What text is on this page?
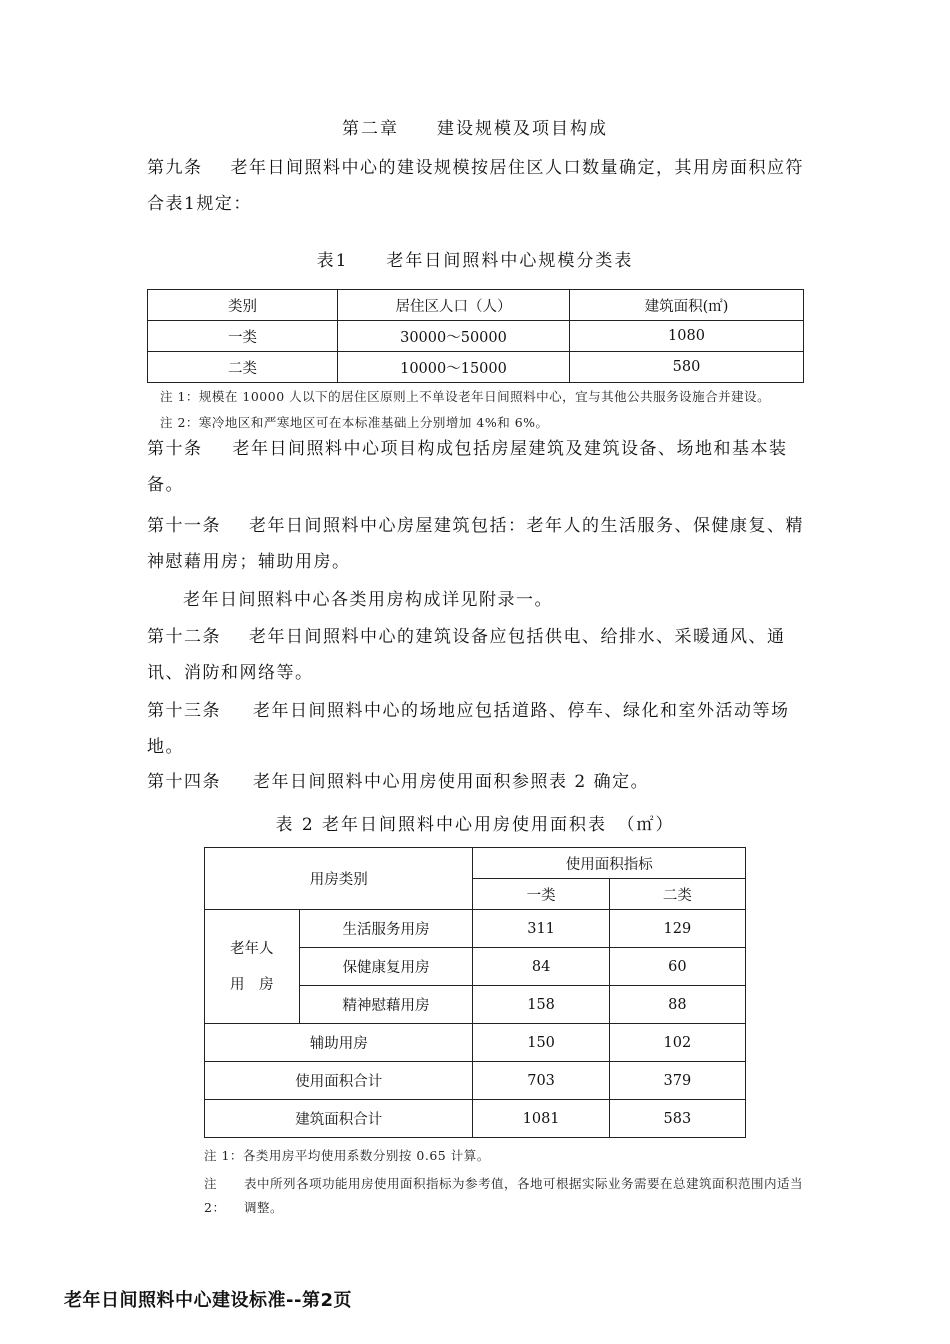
第二章　　建设规模及项目构成
第九条 老年日间照料中心的建设规模按居住区人口数量确定，其用房面积应符合表1规定：
表1　　老年日间照料中心规模分类表
类别	居住区人口（人）	建筑面积(㎡)
一类	30000～50000	1080
二类	10000～15000	580
注 1：规模在 10000 人以下的居住区原则上不单设老年日间照料中心，宜与其他公共服务设施合并建设。
注 2：寒冷地区和严寒地区可在本标准基础上分别增加 4%和 6%。
第十条 老年日间照料中心项目构成包括房屋建筑及建筑设备、场地和基本装备。
第十一条 老年日间照料中心房屋建筑包括：老年人的生活服务、保健康复、精神慰藉用房；辅助用房。
老年日间照料中心各类用房构成详见附录一。
第十二条 老年日间照料中心的建筑设备应包括供电、给排水、采暖通风、通讯、消防和网络等。
第十三条 老年日间照料中心的场地应包括道路、停车、绿化和室外活动等场地。
第十四条 老年日间照料中心用房使用面积参照表 2 确定。
表 2 老年日间照料中心用房使用面积表　（㎡）
用房类别		使用面积指标	
		一类	二类

老年人
用　房	生活服务用房	311	129
	保健康复用房	84	60
	精神慰藉用房	158	88
辅助用房		150	102
使用面积合计		703	379
建筑面积合计		1081	583
注 1：各类用房平均使用系数分别按 0.65 计算。
注　2：
表中所列各项功能用房使用面积指标为参考值，各地可根据实际业务需要在总建筑面积范围内适当调整。
老年日间照料中心建设标准--第2页
